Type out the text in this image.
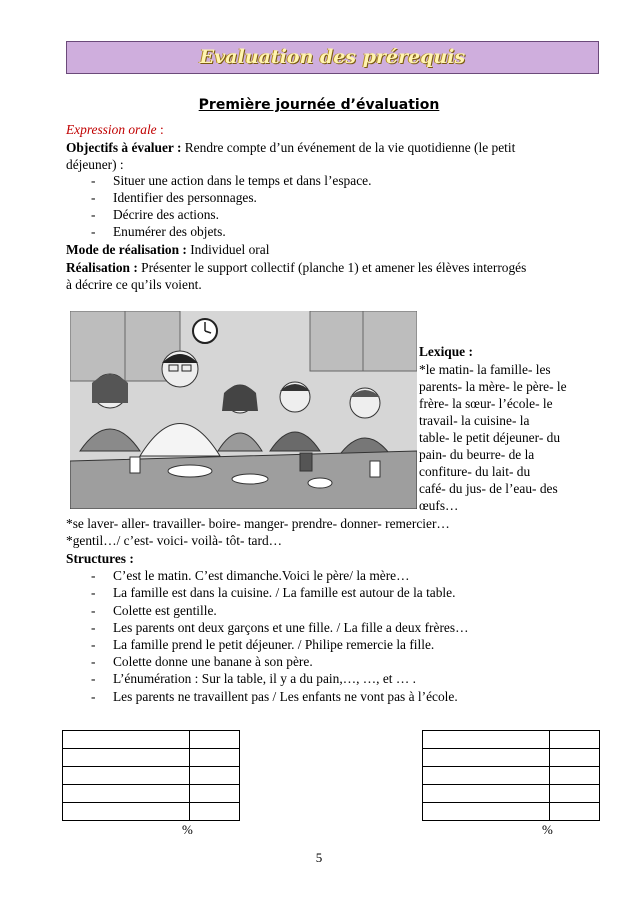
Evaluation des prérequis
Première journée d’évaluation
Expression orale :
Objectifs à évaluer : Rendre compte d’un événement de la vie quotidienne (le petit
déjeuner) :
- Situer une action dans le temps et dans l’espace.
- Identifier des personnages.
- Décrire des actions.
- Enumérer des objets.
Mode de réalisation : Individuel oral
Réalisation : Présenter le support collectif (planche 1) et amener les élèves interrogés
à décrire ce qu’ils voient.
Lexique :
*le matin- la famille- les
parents- la mère- le père- le
frère- la sœur- l’école- le
travail- la cuisine- la
table- le petit déjeuner- du
pain- du beurre- de la
confiture- du lait- du
café- du jus- de l’eau- des
œufs…
*se laver- aller- travailler- boire- manger- prendre- donner- remercier…
*gentil…/ c’est- voici- voilà- tôt- tard…
Structures :
- C’est le matin. C’est dimanche.Voici le père/ la mère…
- La famille est dans la cuisine. / La famille est autour de la table.
- Colette est gentille.
- Les parents ont deux garçons et une fille. / La fille a deux frères…
- La famille prend le petit déjeuner. / Philipe remercie la fille.
- Colette donne une banane à son père.
- L’énumération : Sur la table, il y a du pain,…, …, et … .
- Les parents ne travaillent pas / Les enfants ne vont pas à l’école.

%	%
5
